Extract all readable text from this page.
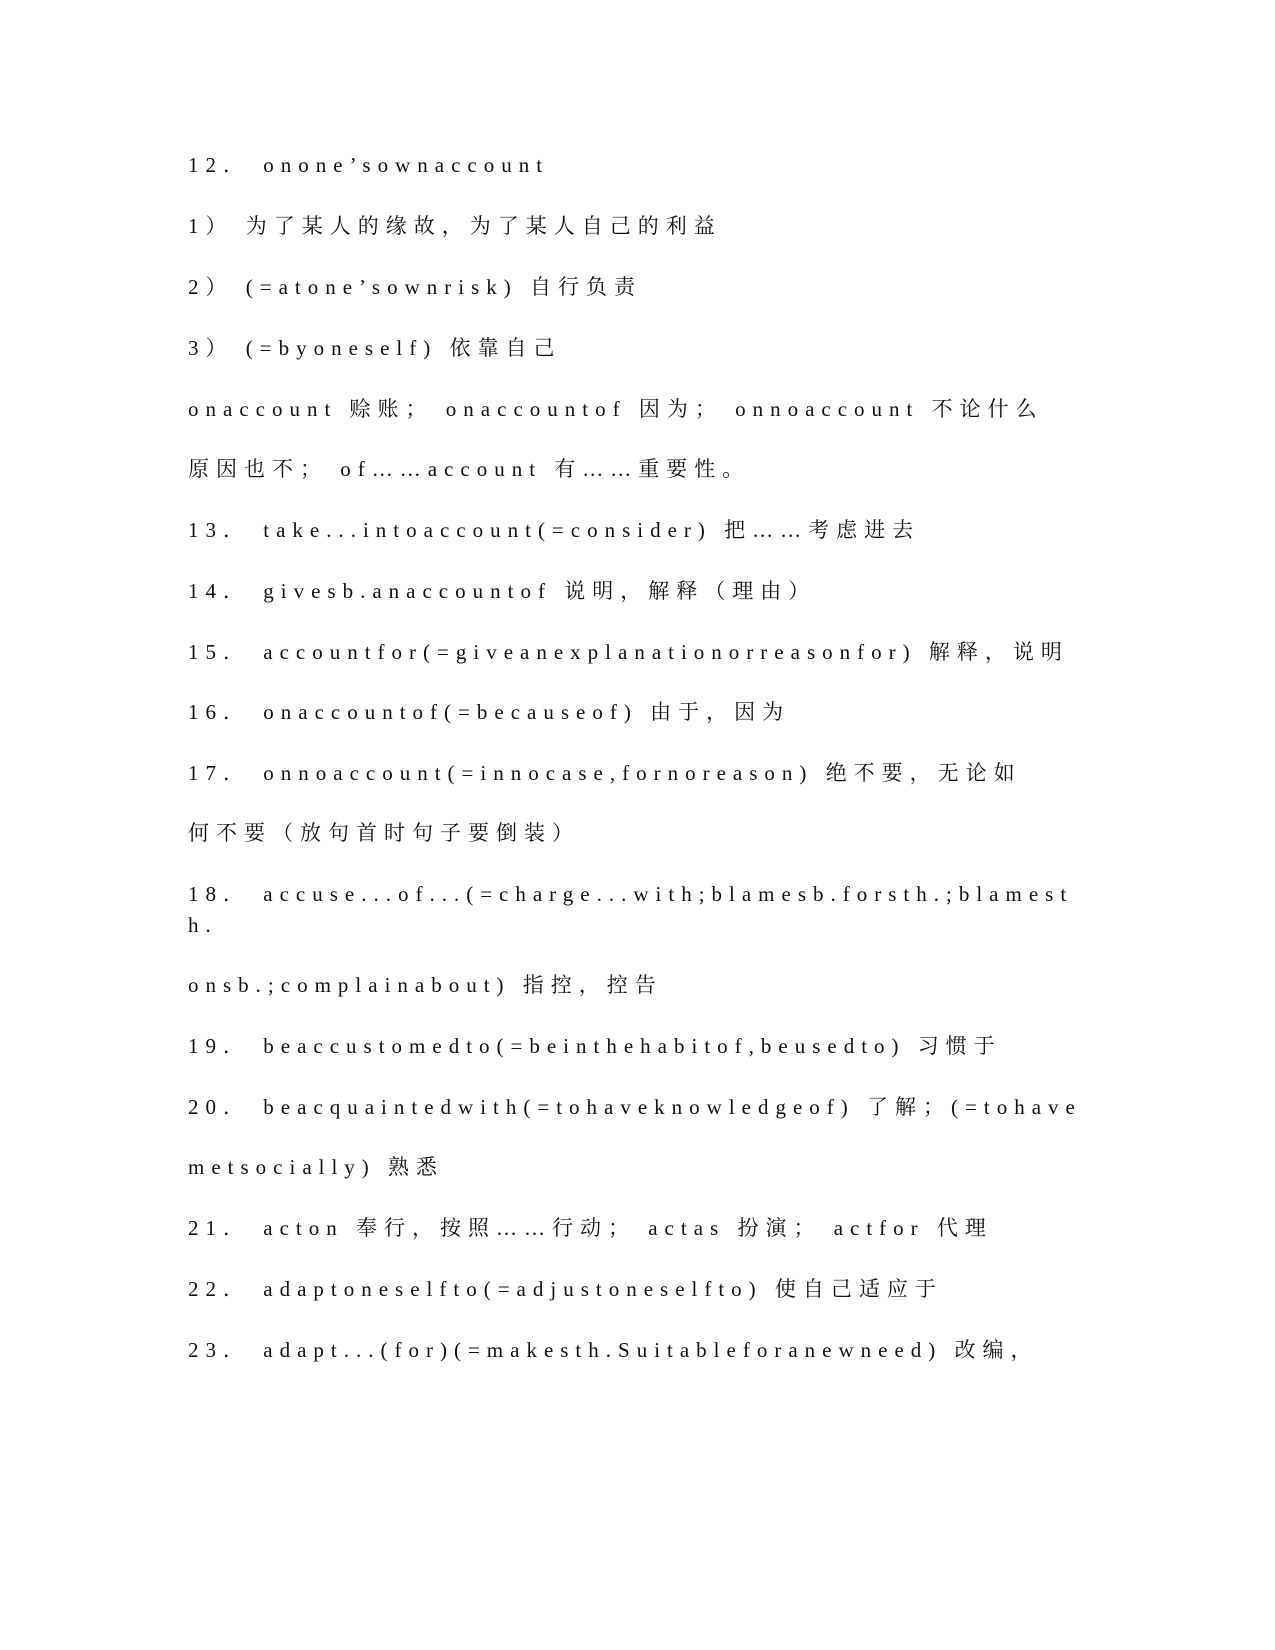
12． onone’sownaccount

1） 为了某人的缘故，为了某人自己的利益

2） (=atone’sownrisk) 自行负责

3） (=byoneself) 依靠自己

onaccount 赊账； onaccountof 因为； onnoaccount 不论什么

原因也不； of……account 有……重要性。

13． take...intoaccount(=consider) 把……考虑进去

14． givesb.anaccountof 说明，解释（理由）

15． accountfor(=giveanexplanationorreasonfor) 解释，说明

16． onaccountof(=becauseof) 由于，因为

17． onnoaccount(=innocase,fornoreason) 绝不要，无论如

何不要（放句首时句子要倒装）

18． accuse...of...(=charge...with;blamesb.forsth.;blamesth.

onsb.;complainabout) 指控，控告

19． beaccustomedto(=beinthehabitof,beusedto) 习惯于

20． beacquaintedwith(=tohaveknowledgeof) 了解；(=tohave

metsocially) 熟悉

21． acton 奉行，按照……行动； actas 扮演； actfor 代理

22． adaptoneselfto(=adjustoneselfto) 使自己适应于

23． adapt...(for)(=makesth.Suitableforanewneed) 改编，
